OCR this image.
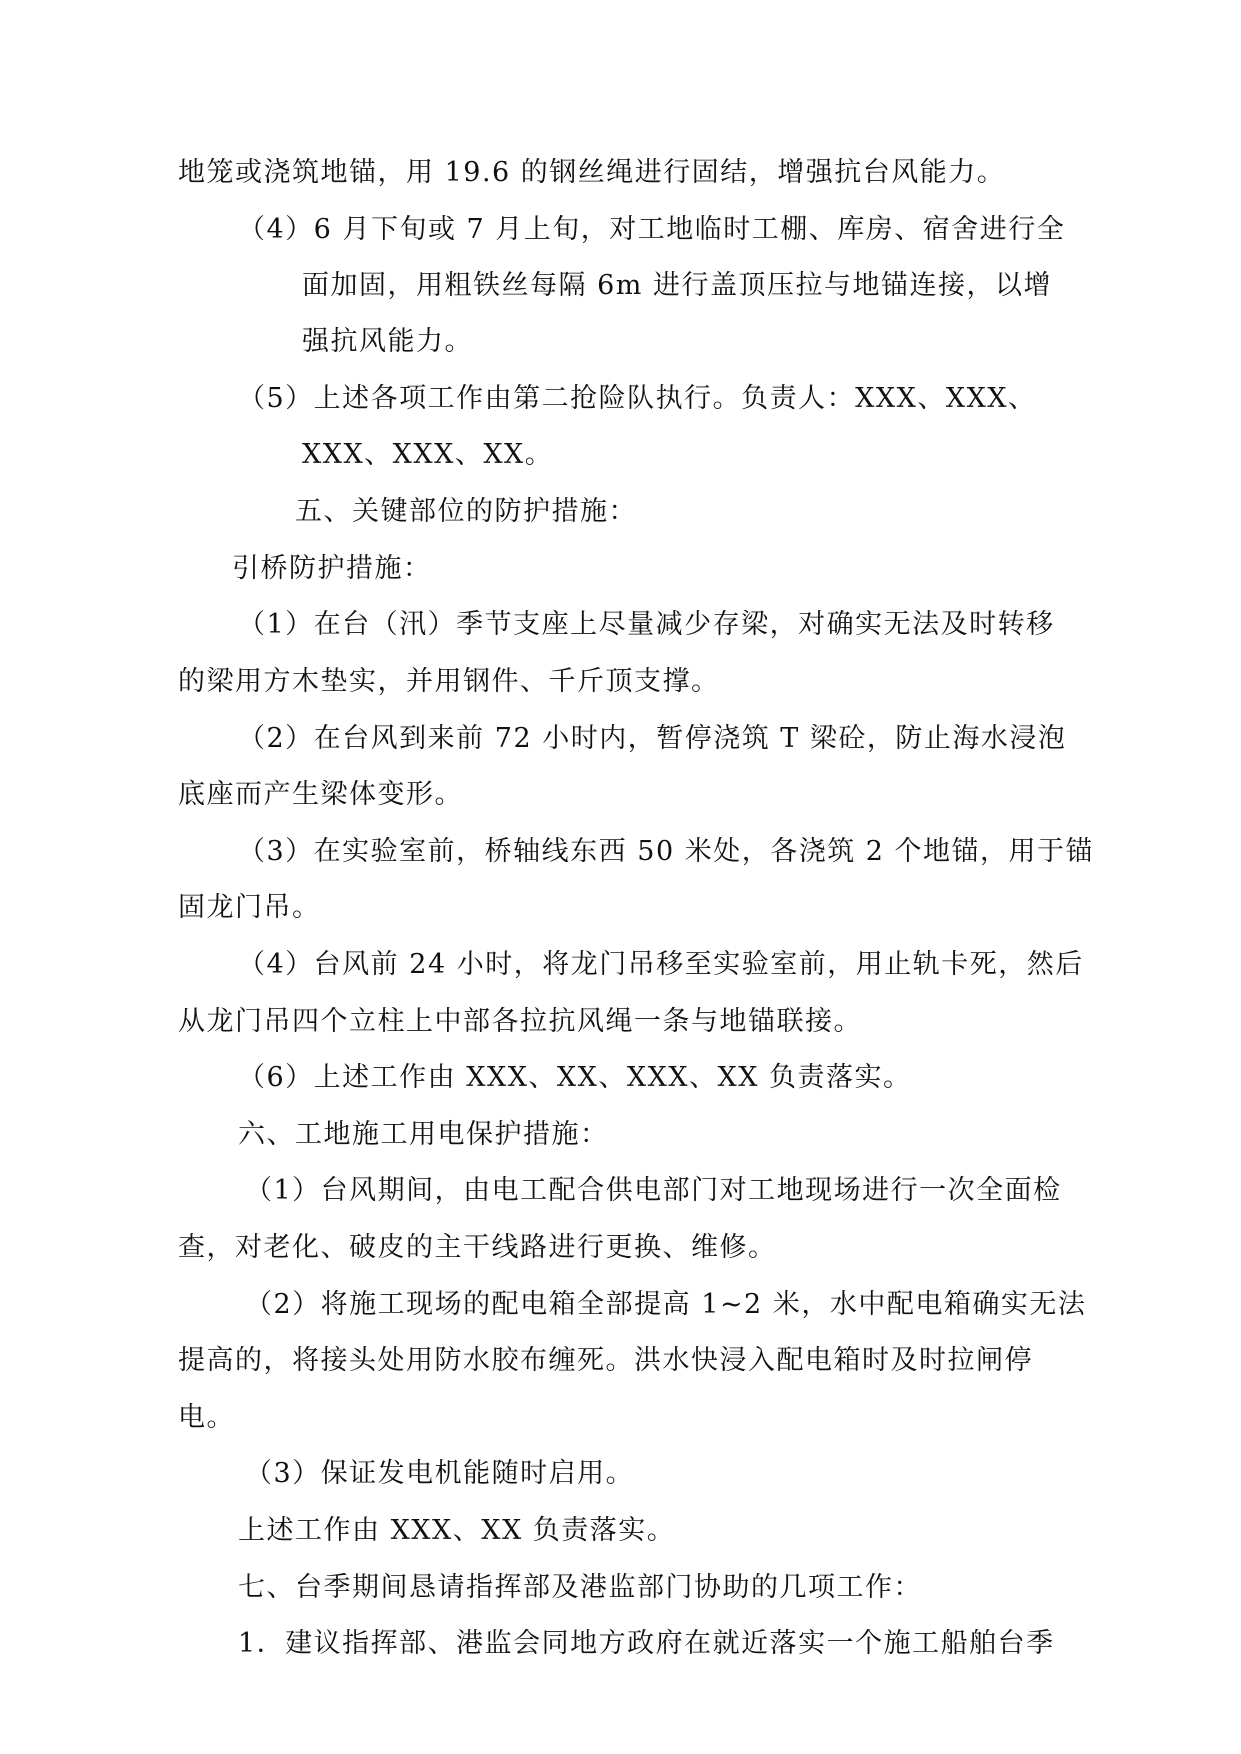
地笼或浇筑地锚，用 19.6 的钢丝绳进行固结，增强抗台风能力。
（4）6 月下旬或 7 月上旬，对工地临时工棚、库房、宿舍进行全
面加固，用粗铁丝每隔 6m 进行盖顶压拉与地锚连接，以增
强抗风能力。
（5）上述各项工作由第二抢险队执行。负责人：XXX、XXX、
XXX、XXX、XX。
五、关键部位的防护措施：
引桥防护措施：
（1）在台（汛）季节支座上尽量减少存梁，对确实无法及时转移
的梁用方木垫实，并用钢件、千斤顶支撑。
（2）在台风到来前 72 小时内，暂停浇筑 T 梁砼，防止海水浸泡
底座而产生梁体变形。
（3）在实验室前，桥轴线东西 50 米处，各浇筑 2 个地锚，用于锚
固龙门吊。
（4）台风前 24 小时，将龙门吊移至实验室前，用止轨卡死，然后
从龙门吊四个立柱上中部各拉抗风绳一条与地锚联接。
（6）上述工作由 XXX、XX、XXX、XX 负责落实。
六、工地施工用电保护措施：
（1）台风期间，由电工配合供电部门对工地现场进行一次全面检
查，对老化、破皮的主干线路进行更换、维修。
（2）将施工现场的配电箱全部提高 1~2 米，水中配电箱确实无法
提高的，将接头处用防水胶布缠死。洪水快浸入配电箱时及时拉闸停
电。
（3）保证发电机能随时启用。
上述工作由 XXX、XX 负责落实。
七、台季期间恳请指挥部及港监部门协助的几项工作：
1．建议指挥部、港监会同地方政府在就近落实一个施工船舶台季
